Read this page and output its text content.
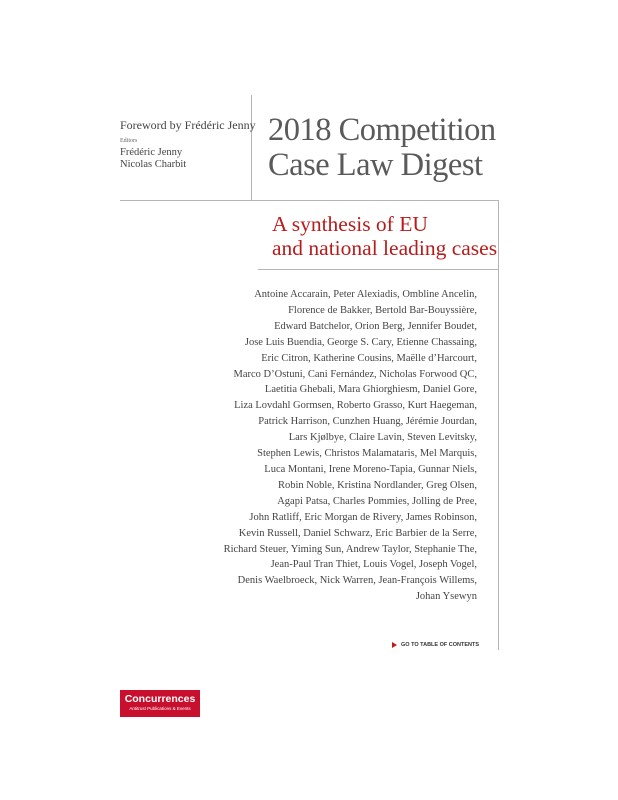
Foreword by Frédéric Jenny
Editors
Frédéric Jenny
Nicolas Charbit
2018 Competition
Case Law Digest
A synthesis of EU
and national leading cases
Antoine Accarain, Peter Alexiadis, Ombline Ancelin,
Florence de Bakker, Bertold Bar-Bouyssière,
Edward Batchelor, Orion Berg, Jennifer Boudet,
Jose Luis Buendia, George S. Cary, Etienne Chassaing,
Eric Citron, Katherine Cousins, Maëlle d’Harcourt,
Marco D’Ostuni, Cani Fernández, Nicholas Forwood QC,
Laetitia Ghebali, Mara Ghiorghiesm, Daniel Gore,
Liza Lovdahl Gormsen, Roberto Grasso, Kurt Haegeman,
Patrick Harrison, Cunzhen Huang, Jérémie Jourdan,
Lars Kjølbye, Claire Lavin, Steven Levitsky,
Stephen Lewis, Christos Malamataris, Mel Marquis,
Luca Montani, Irene Moreno-Tapia, Gunnar Niels,
Robin Noble, Kristina Nordlander, Greg Olsen,
Agapi Patsa, Charles Pommies, Jolling de Pree,
John Ratliff, Eric Morgan de Rivery, James Robinson,
Kevin Russell, Daniel Schwarz, Eric Barbier de la Serre,
Richard Steuer, Yiming Sun, Andrew Taylor, Stephanie The,
Jean-Paul Tran Thiet, Louis Vogel, Joseph Vogel,
Denis Waelbroeck, Nick Warren, Jean-François Willems,
Johan Ysewyn
GO TO TABLE OF CONTENTS
Concurrences
Antitrust Publications & Events
